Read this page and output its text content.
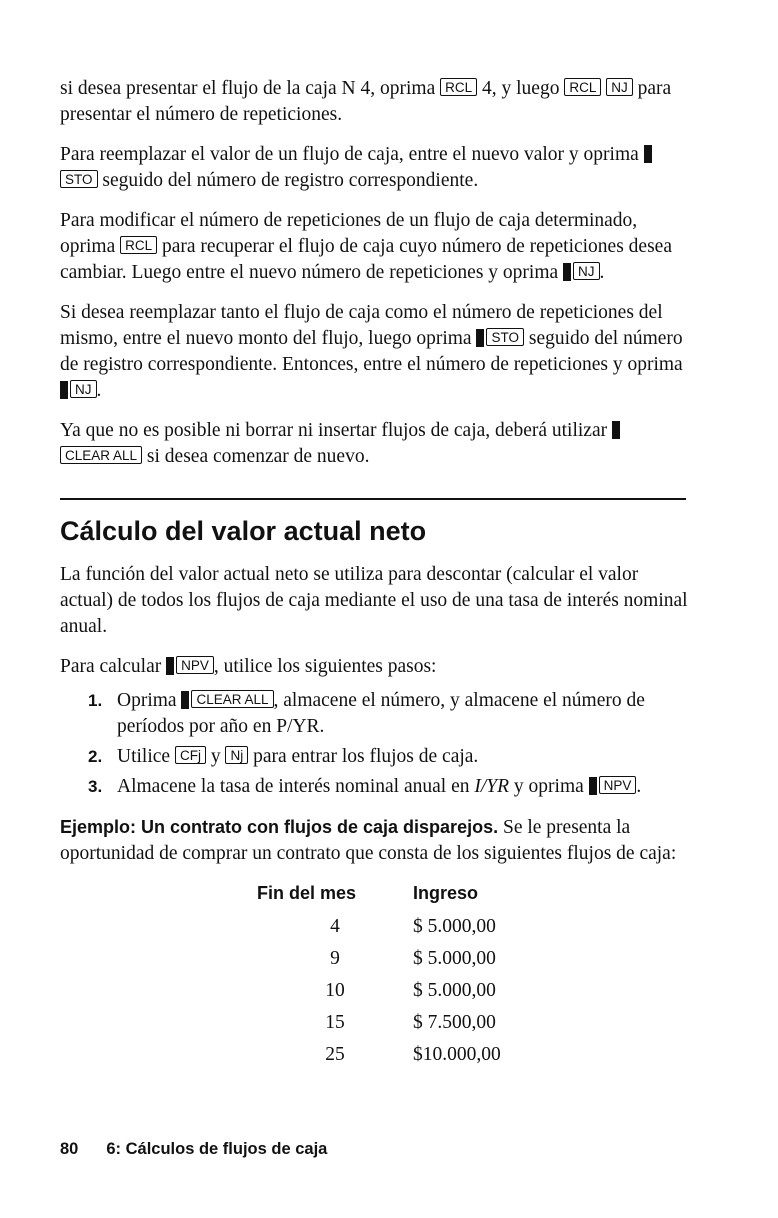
si desea presentar el flujo de la caja N 4, oprima RCL 4, y luego RCL NJ para presentar el número de repeticiones.

Para reemplazar el valor de un flujo de caja, entre el nuevo valor y oprima STO seguido del número de registro correspondiente.

Para modificar el número de repeticiones de un flujo de caja determinado, oprima RCL para recuperar el flujo de caja cuyo número de repeticiones desea cambiar. Luego entre el nuevo número de repeticiones y oprima NJ .

Si desea reemplazar tanto el flujo de caja como el número de repeticiones del mismo, entre el nuevo monto del flujo, luego oprima STO seguido del número de registro correspondiente. Entonces, entre el número de repeticiones y oprima NJ .

Ya que no es posible ni borrar ni insertar flujos de caja, deberá utilizar CLEAR ALL si desea comenzar de nuevo.

Cálculo del valor actual neto

La función del valor actual neto se utiliza para descontar (calcular el valor actual) de todos los flujos de caja mediante el uso de una tasa de interés nominal anual.

Para calcular NPV , utilice los siguientes pasos:

1. Oprima CLEAR ALL , almacene el número, y almacene el número de períodos por año en P/YR.
2. Utilice CFj y Nj para entrar los flujos de caja.
3. Almacene la tasa de interés nominal anual en I/YR y oprima NPV .

Ejemplo: Un contrato con flujos de caja disparejos. Se le presenta la oportunidad de comprar un contrato que consta de los siguientes flujos de caja:

Fin del mes	Ingreso
4	$ 5.000,00
9	$ 5.000,00
10	$ 5.000,00
15	$ 7.500,00
25	$10.000,00
80 6: Cálculos de flujos de caja
